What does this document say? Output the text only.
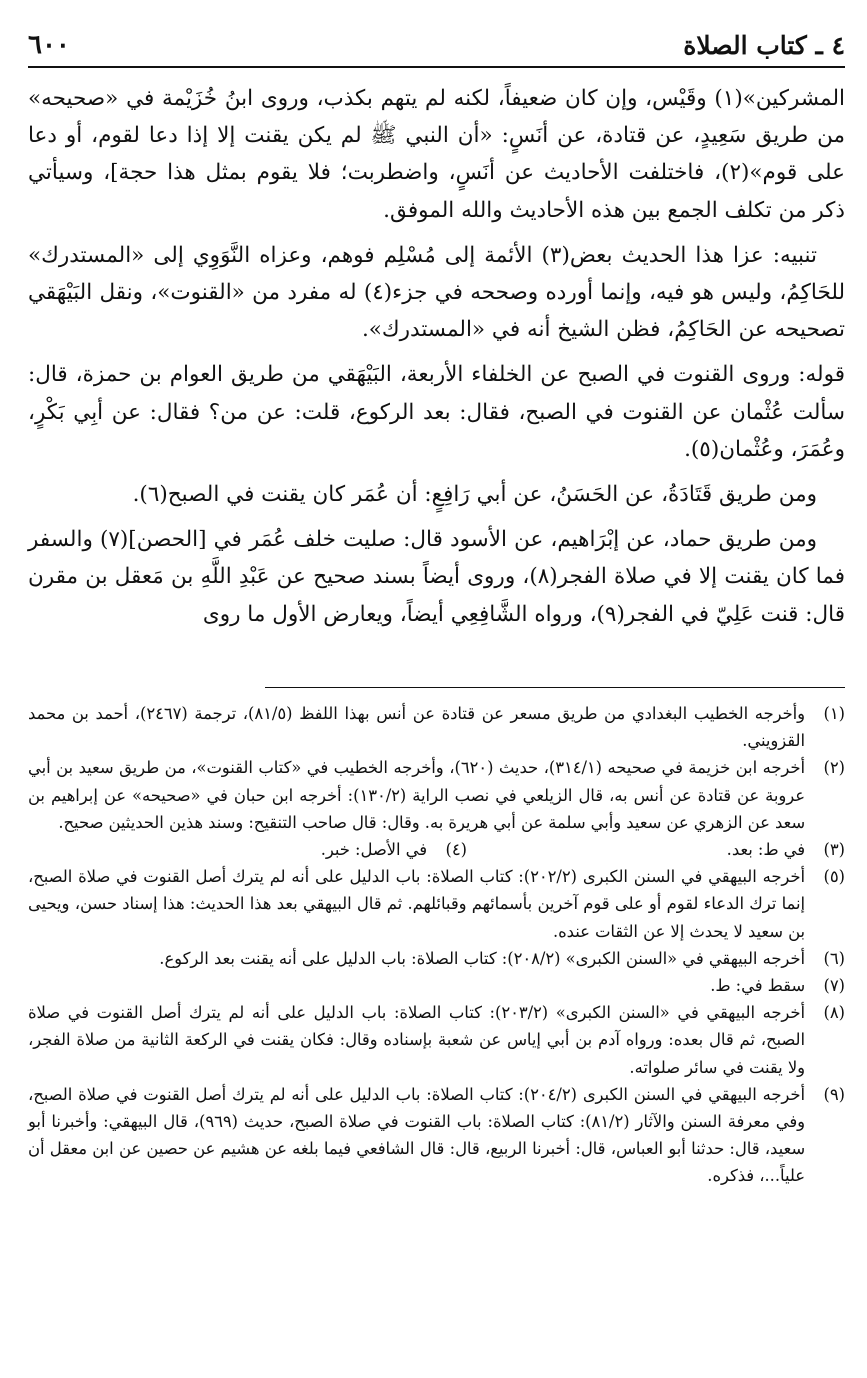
٤ ـ كتاب الصلاة
٦٠٠

المشركين»(١) وقَيْس، وإن كان ضعيفاً، لكنه لم يتهم بكذب، وروى ابنُ خُزَيْمة في «صحيحه» من طريق سَعِيدٍ، عن قتادة، عن أنَسٍ: «أن النبي ﷺ لم يكن يقنت إلا إذا دعا لقوم، أو دعا على قوم»(٢)، فاختلفت الأحاديث عن أنَسٍ، واضطربت؛ فلا يقوم بمثل هذا حجة]، وسيأتي ذكر من تكلف الجمع بين هذه الأحاديث والله الموفق.

تنبيه: عزا هذا الحديث بعض(٣) الأئمة إلى مُسْلِم فوهم، وعزاه النَّوَوِي إلى «المستدرك» للحَاكِمُ، وليس هو فيه، وإنما أورده وصححه في جزء(٤) له مفرد من «القنوت»، ونقل البَيْهَقي تصحيحه عن الحَاكِمُ، فظن الشيخ أنه في «المستدرك».

قوله: وروى القنوت في الصبح عن الخلفاء الأربعة، البَيْهَقي من طريق العوام بن حمزة، قال: سألت عُثْمان عن القنوت في الصبح، فقال: بعد الركوع، قلت: عن من؟ فقال: عن أبِي بَكْرٍ، وعُمَرَ، وعُثْمان(٥).

ومن طريق قَتَادَةُ، عن الحَسَنُ، عن أبي رَافِعٍ: أن عُمَر كان يقنت في الصبح(٦).

ومن طريق حماد، عن إبْرَاهيم، عن الأسود قال: صليت خلف عُمَر في [الحصن](٧) والسفر فما كان يقنت إلا في صلاة الفجر(٨)، وروى أيضاً بسند صحيح عن عَبْدِ اللَّهِ بن مَعقل بن مقرن قال: قنت عَلِيّ في الفجر(٩)، ورواه الشَّافِعِي أيضاً، ويعارض الأول ما روى

(١)
وأخرجه الخطيب البغدادي من طريق مسعر عن قتادة عن أنس بهذا اللفظ (٨١/٥)، ترجمة (٢٤٦٧)، أحمد بن محمد القزويني.
(٢)
أخرجه ابن خزيمة في صحيحه (٣١٤/١)، حديث (٦٢٠)، وأخرجه الخطيب في «كتاب القنوت»، من طريق سعيد بن أبي عروبة عن قتادة عن أنس به، قال الزيلعي في نصب الراية (١٣٠/٢): أخرجه ابن حبان في «صحيحه» عن إبراهيم بن سعد عن الزهري عن سعيد وأبي سلمة عن أبي هريرة به. وقال: قال صاحب التنقيح: وسند هذين الحديثين صحيح.
(٣)
في ط: بعد.
(٤)
في الأصل: خبر.
(٥)
أخرجه البيهقي في السنن الكبرى (٢٠٢/٢): كتاب الصلاة: باب الدليل على أنه لم يترك أصل القنوت في صلاة الصبح، إنما ترك الدعاء لقوم أو على قوم آخرين بأسمائهم وقبائلهم. ثم قال البيهقي بعد هذا الحديث: هذا إسناد حسن، ويحيى بن سعيد لا يحدث إلا عن الثقات عنده.
(٦)
أخرجه البيهقي في «السنن الكبرى» (٢٠٨/٢): كتاب الصلاة: باب الدليل على أنه يقنت بعد الركوع.
(٧)
سقط في: ط.
(٨)
أخرجه البيهقي في «السنن الكبرى» (٢٠٣/٢): كتاب الصلاة: باب الدليل على أنه لم يترك أصل القنوت في صلاة الصبح، ثم قال بعده: ورواه آدم بن أبي إياس عن شعبة بإسناده وقال: فكان يقنت في الركعة الثانية من صلاة الفجر، ولا يقنت في سائر صلواته.
(٩)
أخرجه البيهقي في السنن الكبرى (٢٠٤/٢): كتاب الصلاة: باب الدليل على أنه لم يترك أصل القنوت في صلاة الصبح، وفي معرفة السنن والآثار (٨١/٢): كتاب الصلاة: باب القنوت في صلاة الصبح، حديث (٩٦٩)، قال البيهقي: وأخبرنا أبو سعيد، قال: حدثنا أبو العباس، قال: أخبرنا الربيع، قال: قال الشافعي فيما بلغه عن هشيم عن حصين عن ابن معقل أن علياً...، فذكره.
